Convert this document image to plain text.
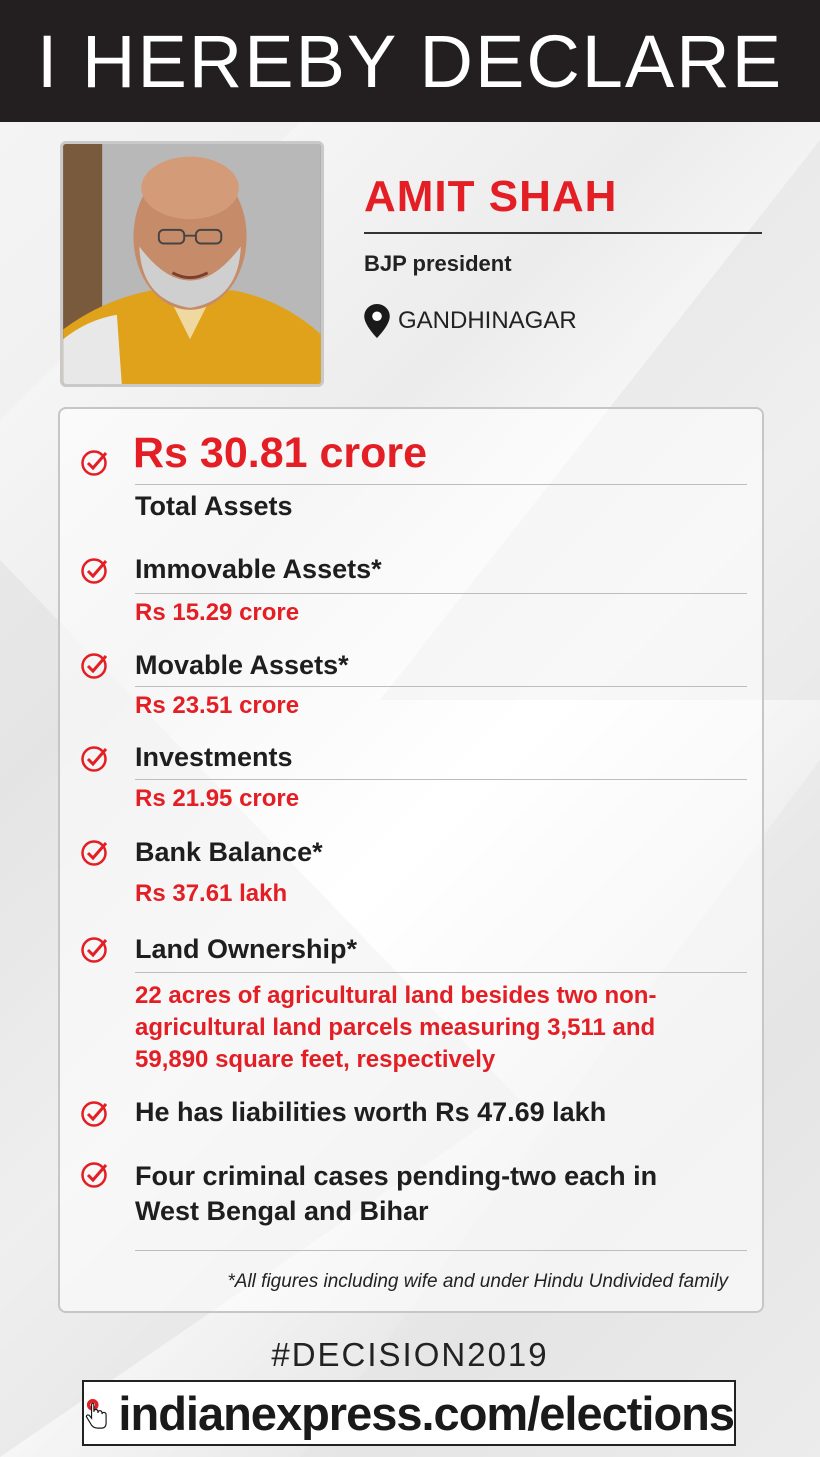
I HEREBY DECLARE
AMIT SHAH
BJP president
GANDHINAGAR
Rs 30.81 crore
Total Assets
Immovable Assets*
Rs 15.29 crore
Movable Assets*
Rs 23.51 crore
Investments
Rs 21.95 crore
Bank Balance*
Rs 37.61 lakh
Land Ownership*
22 acres of agricultural land besides two non-agricultural land parcels measuring 3,511 and 59,890 square feet, respectively
He has liabilities worth Rs 47.69 lakh
Four criminal cases pending-two each in West Bengal and Bihar
*All figures including wife and under Hindu Undivided family
#DECISION2019
indianexpress.com/elections
